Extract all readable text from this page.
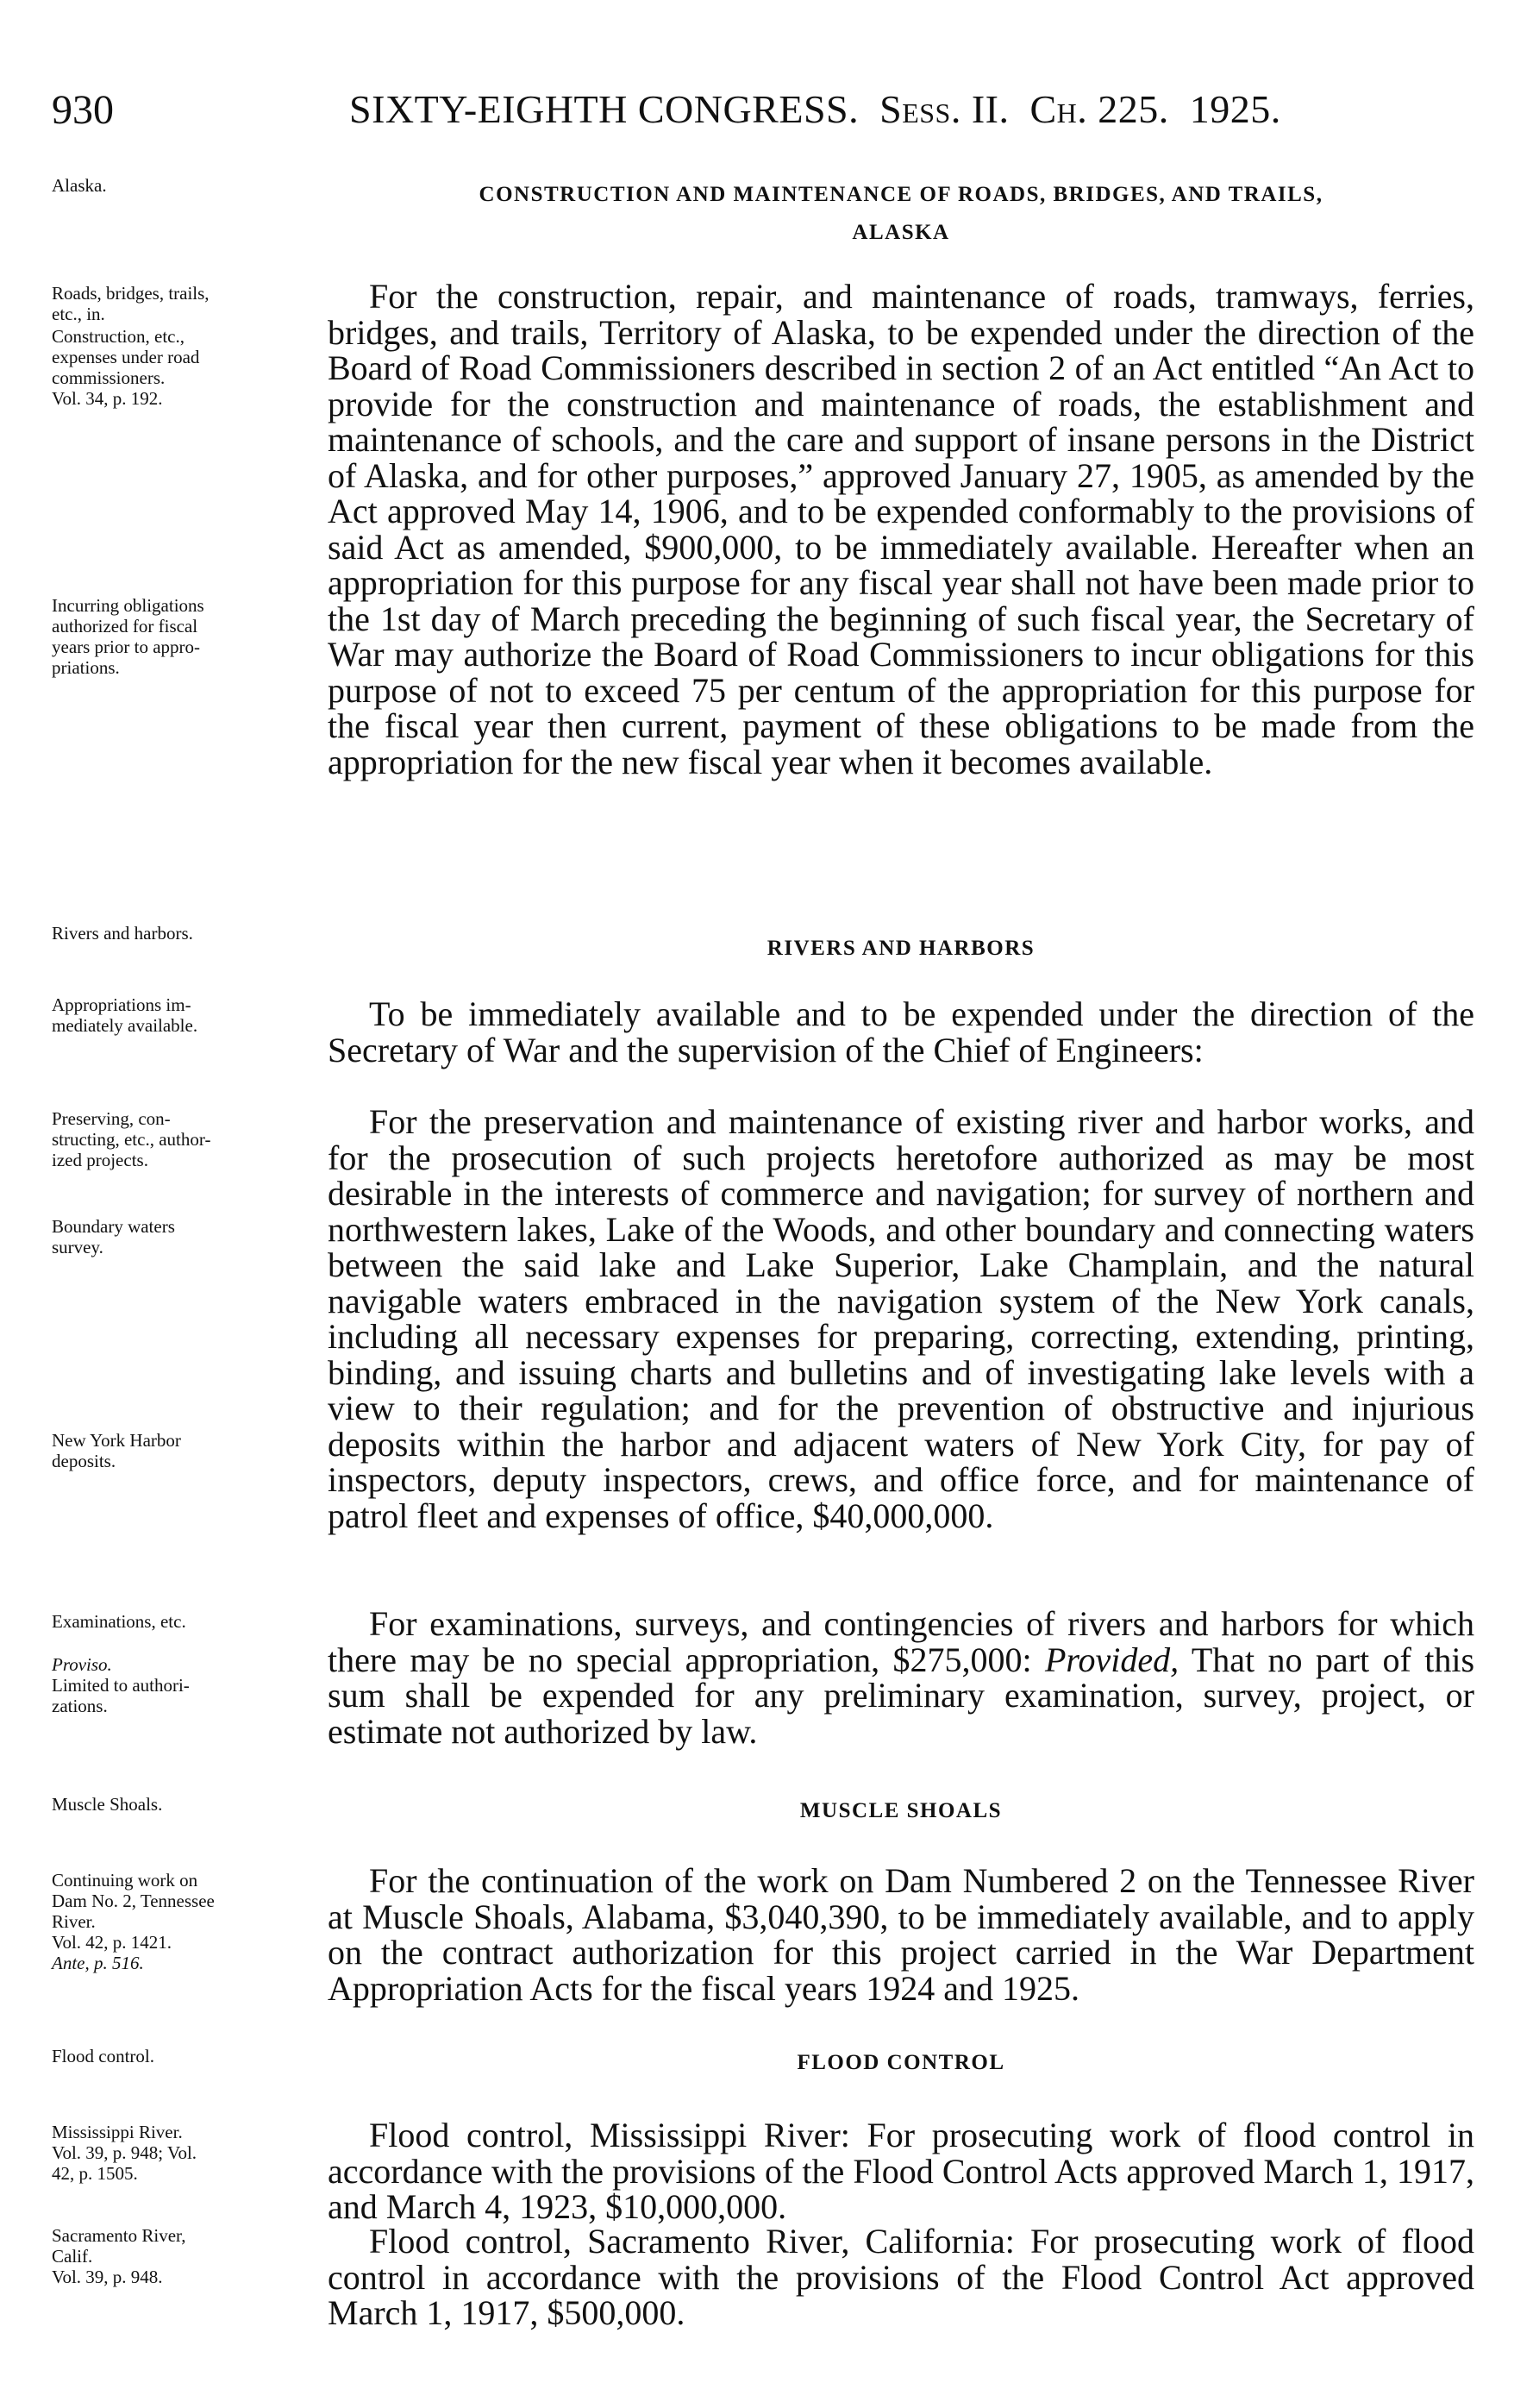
930	SIXTY-EIGHTH CONGRESS. Sess. II. Ch. 225. 1925.
Alaska.	CONSTRUCTION AND MAINTENANCE OF ROADS, BRIDGES, AND TRAILS,
ALASKA
Roads, bridges, trails,
etc., in.
Construction, etc.,
expenses under road
commissioners.
Vol. 34, p. 192.
Incurring obligations
authorized for fiscal
years prior to appro-
priations.
For the construction, repair, and maintenance of roads, tramways, ferries, bridges, and trails, Territory of Alaska, to be expended under the direction of the Board of Road Commissioners described in section 2 of an Act entitled “An Act to provide for the construction and maintenance of roads, the establishment and maintenance of schools, and the care and support of insane persons in the District of Alaska, and for other purposes,” approved January 27, 1905, as amended by the Act approved May 14, 1906, and to be expended conformably to the provisions of said Act as amended, $900,000, to be immediately available. Hereafter when an appropriation for this purpose for any fiscal year shall not have been made prior to the 1st day of March preceding the beginning of such fiscal year, the Secretary of War may authorize the Board of Road Commissioners to incur obligations for this purpose of not to exceed 75 per centum of the appropriation for this purpose for the fiscal year then current, payment of these obligations to be made from the appropriation for the new fiscal year when it becomes available.
Rivers and harbors.
RIVERS AND HARBORS
Appropriations im-
mediately available.	To be immediately available and to be expended under the direction of the Secretary of War and the supervision of the Chief of Engineers:
Preserving, con-
structing, etc., author-
ized projects.
Boundary waters
survey.
New York Harbor
deposits.
For the preservation and maintenance of existing river and harbor works, and for the prosecution of such projects heretofore authorized as may be most desirable in the interests of commerce and navigation; for survey of northern and northwestern lakes, Lake of the Woods, and other boundary and connecting waters between the said lake and Lake Superior, Lake Champlain, and the natural navigable waters embraced in the navigation system of the New York canals, including all necessary expenses for preparing, correcting, extending, printing, binding, and issuing charts and bulletins and of investigating lake levels with a view to their regulation; and for the prevention of obstructive and injurious deposits within the harbor and adjacent waters of New York City, for pay of inspectors, deputy inspectors, crews, and office force, and for maintenance of patrol fleet and expenses of office, $40,000,000.
Examinations, etc.
Proviso.
Limited to authori-
zations.
For examinations, surveys, and contingencies of rivers and harbors for which there may be no special appropriation, $275,000: Provided, That no part of this sum shall be expended for any preliminary examination, survey, project, or estimate not authorized by law.
Muscle Shoals.	MUSCLE SHOALS
Continuing work on
Dam No. 2, Tennessee
River.
Vol. 42, p. 1421.
Ante, p. 516.
For the continuation of the work on Dam Numbered 2 on the Tennessee River at Muscle Shoals, Alabama, $3,040,390, to be immediately available, and to apply on the contract authorization for this project carried in the War Department Appropriation Acts for the fiscal years 1924 and 1925.
Flood control.	FLOOD CONTROL
Mississippi River.
Vol. 39, p. 948; Vol.
42, p. 1505.
Flood control, Mississippi River: For prosecuting work of flood control in accordance with the provisions of the Flood Control Acts approved March 1, 1917, and March 4, 1923, $10,000,000.
Sacramento River,
Calif.
Vol. 39, p. 948.
Flood control, Sacramento River, California: For prosecuting work of flood control in accordance with the provisions of the Flood Control Act approved March 1, 1917, $500,000.
